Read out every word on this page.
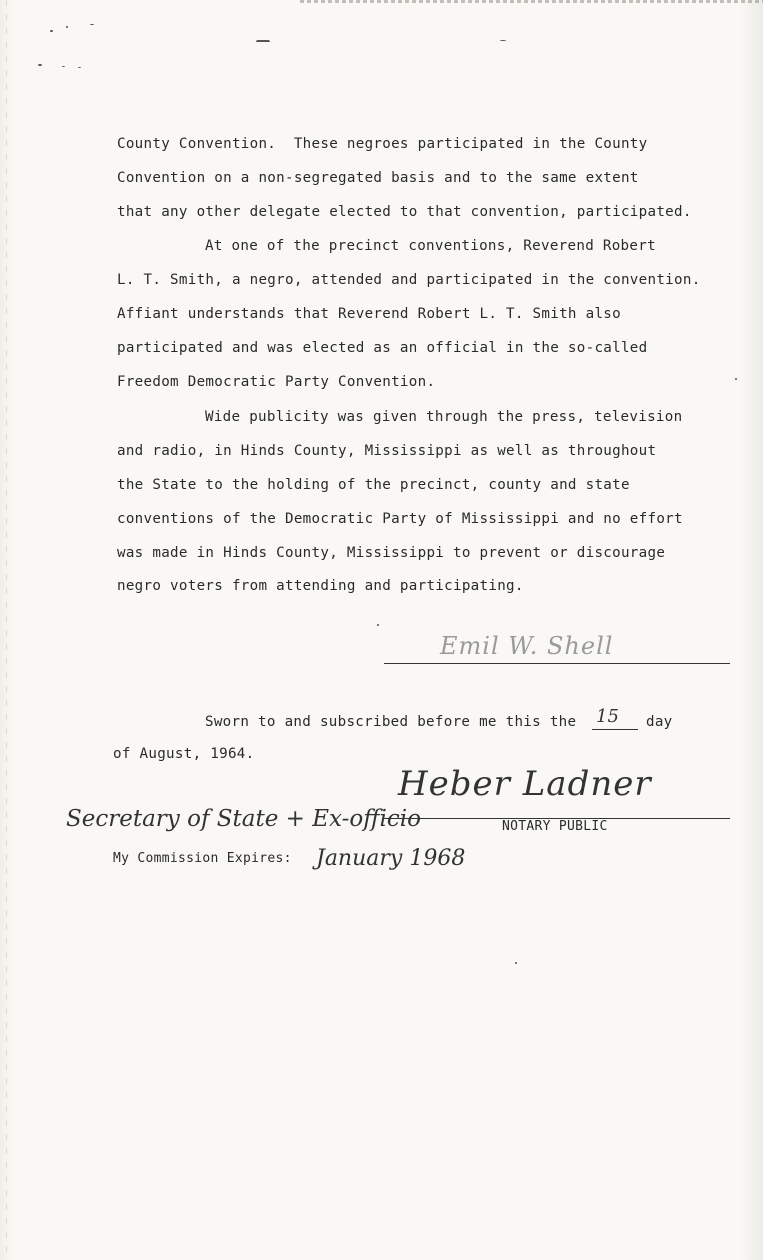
County Convention.  These negroes participated in the County
Convention on a non-segregated basis and to the same extent
that any other delegate elected to that convention, participated.
At one of the precinct conventions, Reverend Robert
L. T. Smith, a negro, attended and participated in the convention.
Affiant understands that Reverend Robert L. T. Smith also
participated and was elected as an official in the so-called
Freedom Democratic Party Convention.
Wide publicity was given through the press, television
and radio, in Hinds County, Mississippi as well as throughout
the State to the holding of the precinct, county and state
conventions of the Democratic Party of Mississippi and no effort
was made in Hinds County, Mississippi to prevent or discourage
negro voters from attending and participating.
Emil W. Shell
Sworn to and subscribed before me this the 15 day
of August, 1964.
Heber Ladner
Secretary of State + Ex-officio	NOTARY PUBLIC
My Commission Expires: January 1968
